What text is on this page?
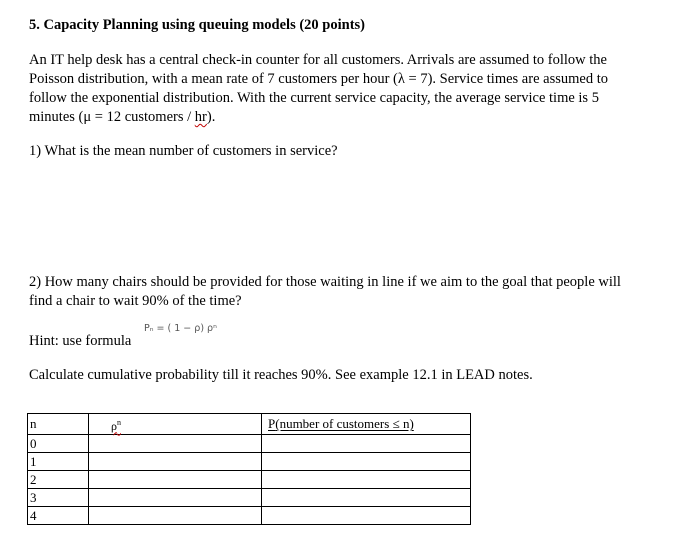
5. Capacity Planning using queuing models (20 points)
An IT help desk has a central check-in counter for all customers. Arrivals are assumed to follow the
Poisson distribution, with a mean rate of 7 customers per hour (λ = 7). Service times are assumed to
follow the exponential distribution. With the current service capacity, the average service time is 5
minutes (μ = 12 customers / hr).
1) What is the mean number of customers in service?
2) How many chairs should be provided for those waiting in line if we aim to the goal that people will
find a chair to wait 90% of the time?
Hint: use formula
Pₙ = ( 1 − ρ) ρⁿ
Calculate cumulative probability till it reaches 90%. See example 12.1 in LEAD notes.
n	$\rho^n$	P(number of customers ≤ n)
0		
1		
2		
3		
4		
